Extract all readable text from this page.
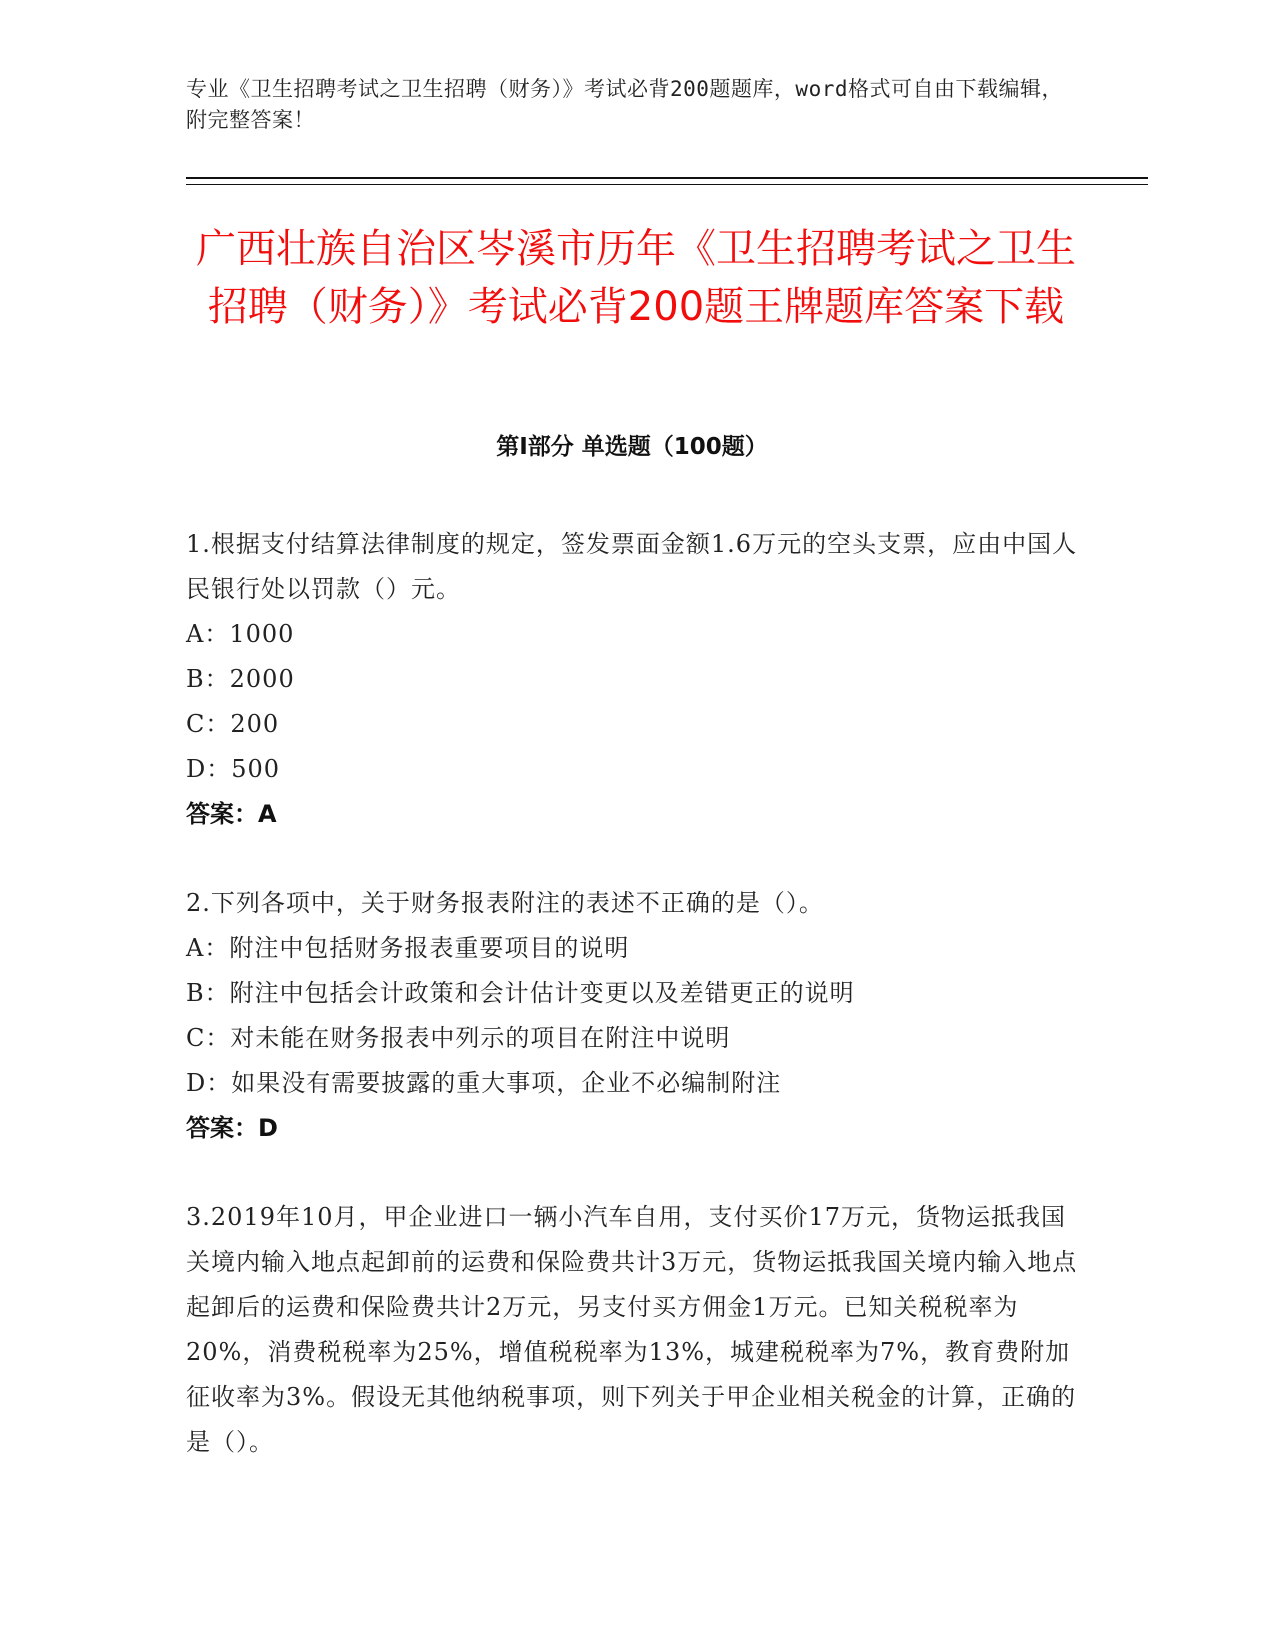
专业《卫生招聘考试之卫生招聘（财务）》考试必背200题题库，word格式可自由下载编辑，附完整答案！
广西壮族自治区岑溪市历年《卫生招聘考试之卫生招聘（财务）》考试必背200题王牌题库答案下载
第Ⅰ部分 单选题（100题）
1.根据支付结算法律制度的规定，签发票面金额1.6万元的空头支票，应由中国人民银行处以罚款（）元。
A：1000
B：2000
C：200
D：500
答案：A
2.下列各项中，关于财务报表附注的表述不正确的是（）。
A：附注中包括财务报表重要项目的说明
B：附注中包括会计政策和会计估计变更以及差错更正的说明
C：对未能在财务报表中列示的项目在附注中说明
D：如果没有需要披露的重大事项，企业不必编制附注
答案：D
3.2019年10月，甲企业进口一辆小汽车自用，支付买价17万元，货物运抵我国关境内输入地点起卸前的运费和保险费共计3万元，货物运抵我国关境内输入地点起卸后的运费和保险费共计2万元，另支付买方佣金1万元。已知关税税率为20%，消费税税率为25%，增值税税率为13%，城建税税率为7%，教育费附加征收率为3%。假设无其他纳税事项，则下列关于甲企业相关税金的计算，正确的是（）。
